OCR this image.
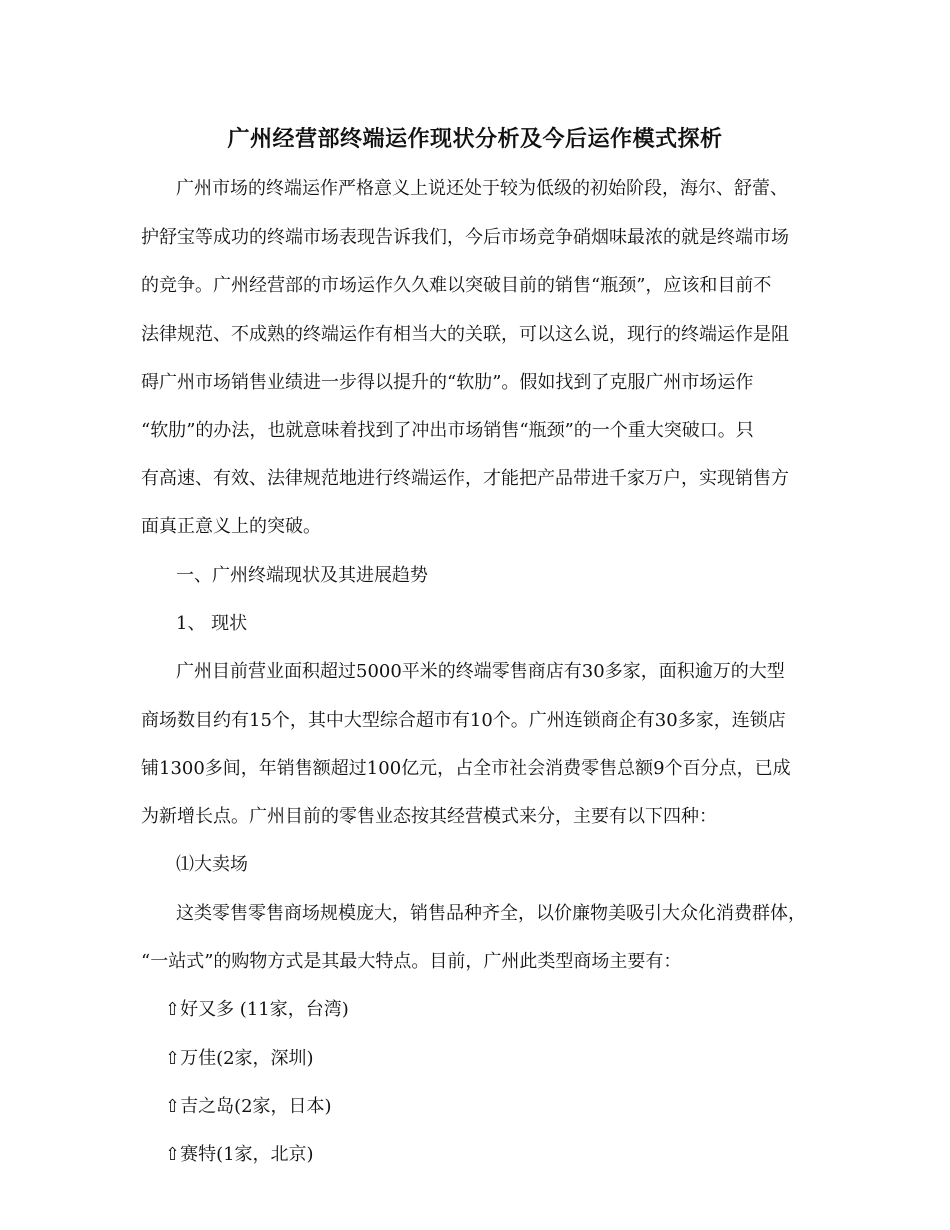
广州经营部终端运作现状分析及今后运作模式探析
广州市场的终端运作严格意义上说还处于较为低级的初始阶段，海尔、舒蕾、
护舒宝等成功的终端市场表现告诉我们，今后市场竞争硝烟味最浓的就是终端市场
的竞争。广州经营部的市场运作久久难以突破目前的销售“瓶颈”，应该和目前不
法律规范、不成熟的终端运作有相当大的关联，可以这么说，现行的终端运作是阻
碍广州市场销售业绩进一步得以提升的“软肋”。假如找到了克服广州市场运作
“软肋”的办法，也就意味着找到了冲出市场销售“瓶颈”的一个重大突破口。只
有高速、有效、法律规范地进行终端运作，才能把产品带进千家万户，实现销售方
面真正意义上的突破。
一、广州终端现状及其进展趋势
1、 现状
广州目前营业面积超过5000平米的终端零售商店有30多家，面积逾万的大型
商场数目约有15个，其中大型综合超市有10个。广州连锁商企有30多家，连锁店
铺1300多间，年销售额超过100亿元，占全市社会消费零售总额9个百分点，已成
为新增长点。广州目前的零售业态按其经营模式来分，主要有以下四种：
⑴大卖场
这类零售零售商场规模庞大，销售品种齐全，以价廉物美吸引大众化消费群体，
“一站式”的购物方式是其最大特点。目前，广州此类型商场主要有：
⇧好又多 (11家，台湾)
⇧万佳(2家，深圳)
⇧吉之岛(2家，日本)
⇧赛特(1家，北京)
